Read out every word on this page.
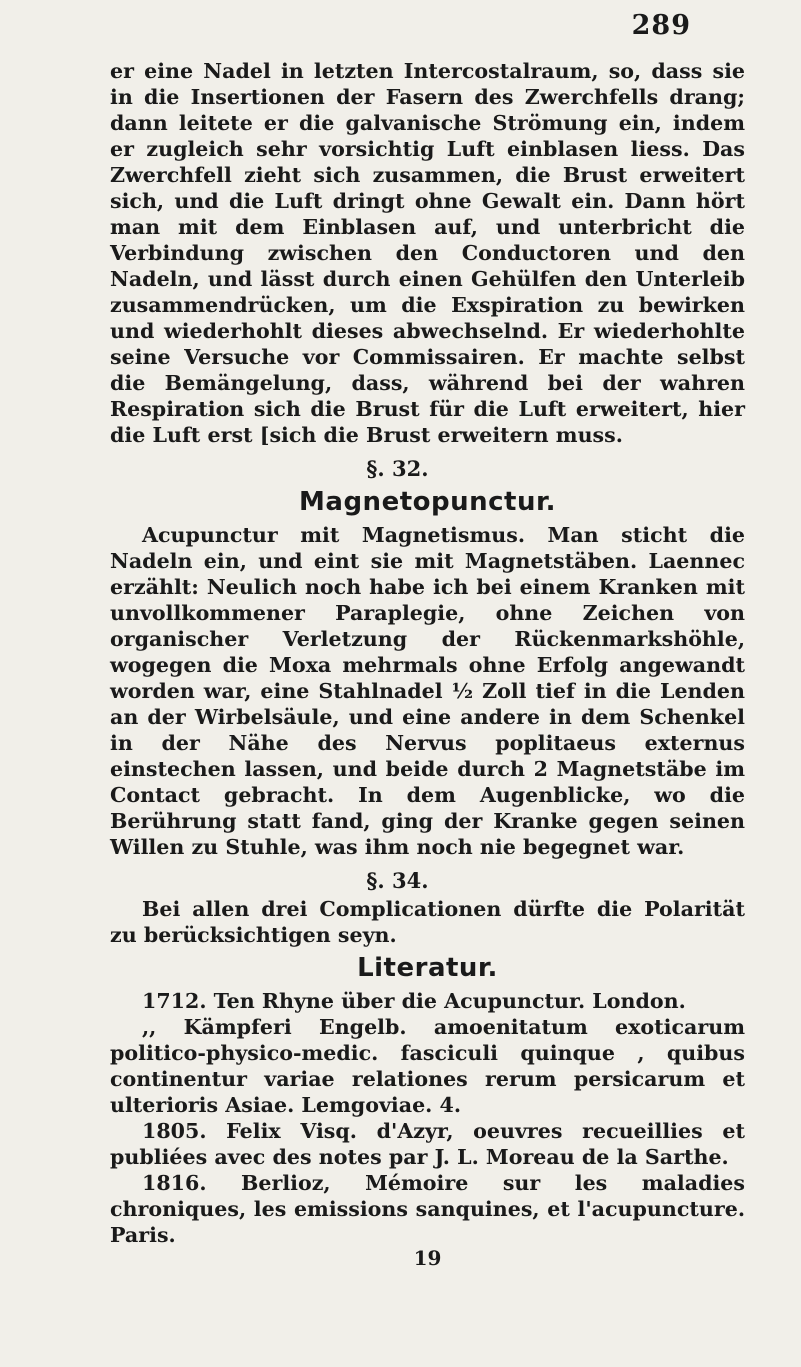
289

er eine Nadel in letzten Intercostalraum, so, dass sie in die Insertionen der Fasern des Zwerchfells drang; dann leitete er die galvanische Strömung ein, indem er zugleich sehr vorsichtig Luft einblasen liess. Das Zwerchfell zieht sich zusammen, die Brust erweitert sich, und die Luft dringt ohne Gewalt ein. Dann hört man mit dem Einblasen auf, und unterbricht die Verbindung zwischen den Conductoren und den Nadeln, und lässt durch einen Gehülfen den Unterleib zusammendrücken, um die Exspiration zu bewirken und wiederhohlt dieses abwechselnd. Er wiederhohlte seine Versuche vor Commissairen. Er machte selbst die Bemängelung, dass, während bei der wahren Respiration sich die Brust für die Luft erweitert, hier die Luft erst [sich die Brust erweitern muss.

§. 32.
Magnetopunctur.

Acupunctur mit Magnetismus. Man sticht die Nadeln ein, und eint sie mit Magnetstäben. Laennec erzählt: Neulich noch habe ich bei einem Kranken mit unvollkommener Paraplegie, ohne Zeichen von organischer Verletzung der Rückenmarkshöhle, wogegen die Moxa mehrmals ohne Erfolg angewandt worden war, eine Stahlnadel ½ Zoll tief in die Lenden an der Wirbelsäule, und eine andere in dem Schenkel in der Nähe des Nervus poplitaeus externus einstechen lassen, und beide durch 2 Magnetstäbe im Contact gebracht. In dem Augenblicke, wo die Berührung statt fand, ging der Kranke gegen seinen Willen zu Stuhle, was ihm noch nie begegnet war.

§. 34.

Bei allen drei Complicationen dürfte die Polarität zu berücksichtigen seyn.

Literatur.

1712. Ten Rhyne über die Acupunctur. London.

,, Kämpferi Engelb. amoenitatum exoticarum politico-physico-medic. fasciculi quinque , quibus continentur variae relationes rerum persicarum et ulterioris Asiae. Lemgoviae. 4.

1805. Felix Visq. d'Azyr, oeuvres recueillies et publiées avec des notes par J. L. Moreau de la Sarthe.

1816. Berlioz, Mémoire sur les maladies chroniques, les emissions sanquines, et l'acupuncture. Paris.

19
